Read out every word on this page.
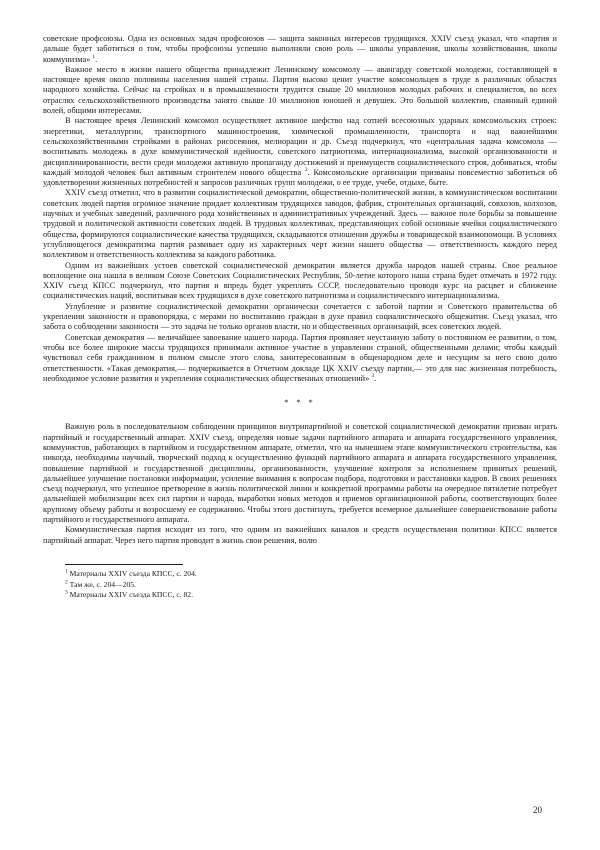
советские профсоюзы. Одна из основных задач профсоюзов — защита законных интересов трудящихся. XXIV съезд указал, что «партия и дальше будет заботиться о том, чтобы профсоюзы успешно выполняли свою роль — школы управления, школы хозяйствования, школы коммунизма» $^1$.

Важное место в жизни нашего общества принадлежит Ленинскому комсомолу — авангарду советской молодежи, составляющей в настоящее время около половины населения нашей страны. Партия высоко ценит участие комсомольцев в труде в различных областях народного хозяйства. Сейчас на стройках и в промышленности трудится свыше 20 миллионов молодых рабочих и специалистов, во всех отраслях сельскохозяйственного производства занято свыше 10 миллионов юношей и девушек. Это большой коллектив, спаянный единой волей, общими интересами.

В настоящее время Ленинский комсомол осуществляет активное шефство над сотней всесоюзных ударных комсомольских строек: энергетики, металлургии, транспортного машиностроения, химической промышленности, транспорта и над важнейшими сельскохозяйственными стройками в районах рисосеяния, мелиорации и др. Съезд подчеркнул, что «центральная задача комсомола — воспитывать молодежь в духе коммунистической идейности, советского патриотизма, интернационализма, высокой организованности и дисциплинированности, вести среди молодежи активную пропаганду достижений и преимуществ социалистического строя, добиваться, чтобы каждый молодой человек был активным строителем нового общества $^2$. Комсомольские организации призваны повсеместно заботиться об удовлетворении жизненных потребностей и запросов различных групп молодежи, о ее труде, учебе, отдыхе, быте.

XXIV съезд отметил, что в развитии социалистической демократии, общественно-политической жизни, в коммунистическом воспитании советских людей партия огромное значение придает коллективам трудящихся заводов, фабрик, строительных организаций, совхозов, колхозов, научных и учебных заведений, различного рода хозяйственных и административных учреждений. Здесь — важное поле борьбы за повышение трудовой и политической активности советских людей. В трудовых коллективах, представляющих собой основные ячейки социалистического общества, формируются социалистические качества трудящихся, складываются отношения дружбы и товарищеской взаимопомощи. В условиях углубляющегося демократизма партия развивает одну из характерных черт жизни нашего общества — ответственность каждого перед коллективом и ответственность коллектива за каждого работника.

Одним из важнейших устоев советской социалистической демократии является дружба народов нашей страны. Свое реальное воплощение она нашла в великом Союзе Советских Социалистических Республик, 50-летие которого наша страна будет отмечать в 1972 году. XXIV съезд КПСС подчеркнул, что партия и впредь будет укреплять СССР, последовательно проводя курс на расцвет и сближение социалистических наций, воспитывая всех трудящихся в духе советского патриотизма и социалистического интернационализма.

Углубление и развитие социалистической демократии органически сочетается с заботой партии и Советского правительства об укреплении законности и правопорядка, с мерами по воспитанию граждан в духе правил социалистического общежития. Съезд указал, что забота о соблюдении законности — это задача не только органов власти, но и общественных организаций, всех советских людей.

Советская демократия — величайшее завоевание нашего народа. Партия проявляет неустанную заботу о постоянном ее развитии, о том, чтобы все более широкие массы трудящихся принимали активное участие в управлении страной, общественными делами; чтобы каждый чувствовал себя гражданином в полном смысле этого слова, заинтересованным в общенародном деле и несущим за него свою долю ответственности. «Такая демократия,— подчеркивается в Отчетном докладе ЦК XXIV съезду партии,— это для нас жизненная потребность, необходимое условие развития и укрепления социалистических общественных отношений» $^3$.

* * *

Важную роль в последовательном соблюдении принципов внутрипартийной и советской социалистической демократии призван играть партийный и государственный аппарат. XXIV съезд, определяя новые задачи партийного аппарата и аппарата государственного управления, коммунистов, работающих в партийном и государственном аппарате, отметил, что на нынешнем этапе коммунистического строительства, как никогда, необходимы научный, творческий подход к осуществлению функций партийного аппарата и аппарата государственного управления, повышение партийной и государственной дисциплины, организованности, улучшение контроля за исполнением принятых решений, дальнейшее улучшение постановки информации, усиление внимания к вопросам подбора, подготовки и расстановки кадров. В своих решениях съезд подчеркнул, что успешное претворение в жизнь политической линии и конкретной программы работы на очередное пятилетие потребует дальнейшей мобилизации всех сил партии и народа, выработки новых методов и приемов организационной работы, соответствующих более крупному объему работы и возросшему ее содержанию. Чтобы этого достигнуть, требуется всемерное дальнейшее совершенствование работы партийного и государственного аппарата.

Коммунистическая партия исходит из того, что одним из важнейших каналов и средств осуществления политики КПСС является партийный аппарат. Через него партия проводит в жизнь свои решения, волю

$^1$ Материалы XXIV съезда КПСС, с. 204.

$^2$ Там же, с. 204—205.

$^3$ Материалы XXIV съезда КПСС, с. 82.

20
